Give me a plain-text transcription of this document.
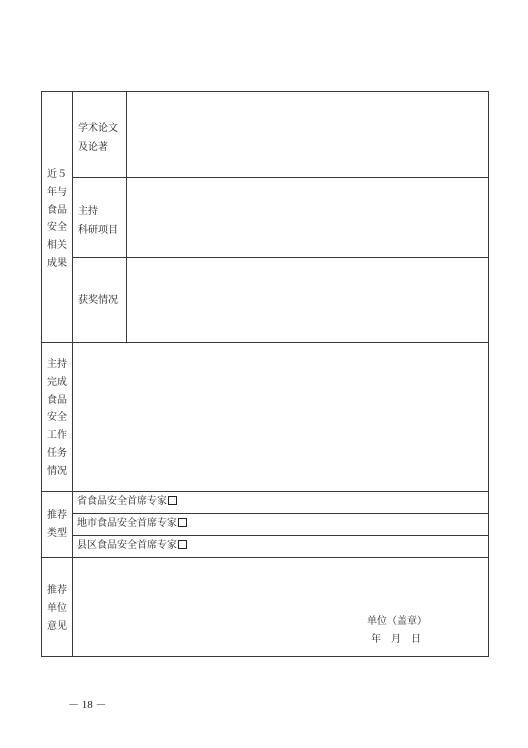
近５
年与
食品
安全
相关
成果
学术论文
及论著
主持
科研项目
获奖情况
主持
完成
食品
安全
工作
任务
情况
推荐
类型
省食品安全首席专家
地市食品安全首席专家
县区食品安全首席专家
推荐
单位
意见	单位（盖章）
年　月　日
－ 18 －
